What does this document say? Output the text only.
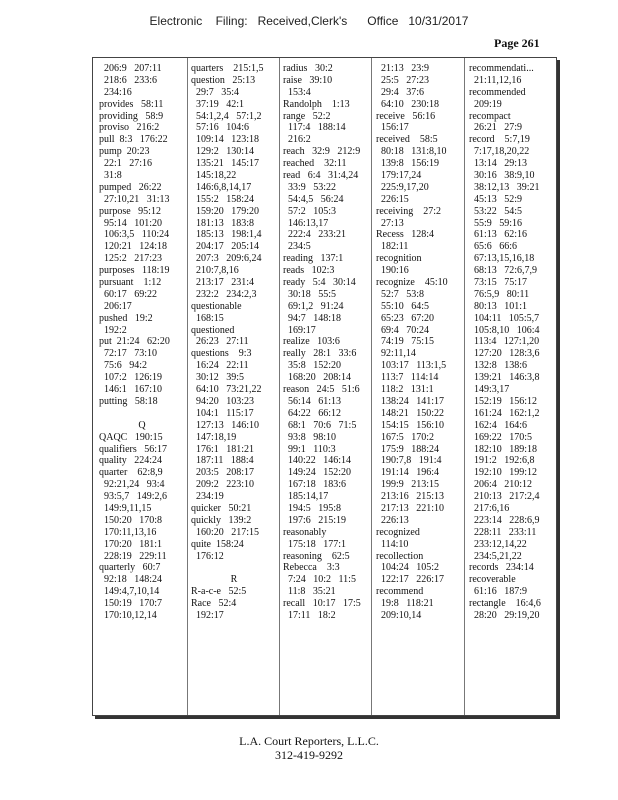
Electronic    Filing:   Received,Clerk's      Office   10/31/2017
Page 261
206:9   207:11
218:6   233:6
234:16
provides   58:11
providing   58:9
proviso   216:2
pull  8:3   176:22
pump  20:23
22:1   27:16
31:8
pumped   26:22
27:10,21   31:13
purpose   95:12
95:14   101:20
106:3,5   110:24
120:21   124:18
125:2   217:23
purposes   118:19
pursuant    1:12
60:17   69:22
206:17
pushed   19:2
192:2
put  21:24   62:20
72:17   73:10
75:6   94:2
107:2   126:19
146:1   167:10
putting   58:18
Q
QAQC   190:15
qualifiers   56:17
quality   224:24
quarter    62:8,9
92:21,24   93:4
93:5,7   149:2,6
149:9,11,15
150:20   170:8
170:11,13,16
170:20   181:1
228:19   229:11
quarterly   60:7
92:18   148:24
149:4,7,10,14
150:19   170:7
170:10,12,14
quarters    215:1,5
question   25:13
29:7   35:4
37:19   42:1
54:1,2,4   57:1,2
57:16   104:6
109:14   123:18
129:2   130:14
135:21   145:17
145:18,22
146:6,8,14,17
155:2   158:24
159:20   179:20
181:13   183:8
185:13   198:1,4
204:17   205:14
207:3   209:6,24
210:7,8,16
213:17   231:4
232:2   234:2,3
questionable
168:15
questioned
26:23   27:11
questions    9:3
16:24   22:11
30:12   39:5
64:10   73:21,22
94:20   103:23
104:1   115:17
127:13   146:10
147:18,19
176:1   181:21
187:11   188:4
203:5   208:17
209:2   223:10
234:19
quicker   50:21
quickly   139:2
160:20   217:15
quite  158:24
176:12
R
R-a-c-e   52:5
Race   52:4
192:17
radius   30:2
raise   39:10
153:4
Randolph    1:13
range   52:2
117:4   188:14
216:2
reach   32:9   212:9
reached    32:11
read   6:4   31:4,24
33:9   53:22
54:4,5   56:24
57:2   105:3
146:13,17
222:4   233:21
234:5
reading   137:1
reads   102:3
ready   5:4   30:14
30:18   55:5
69:1,2   91:24
94:7   148:18
169:17
realize   103:6
really   28:1   33:6
35:8   152:20
168:20   208:14
reason   24:5   51:6
56:14   61:13
64:22   66:12
68:1   70:6   71:5
93:8   98:10
99:1   110:3
140:22   146:14
149:24   152:20
167:18   183:6
185:14,17
194:5   195:8
197:6   215:19
reasonably
175:18   177:1
reasoning    62:5
Rebecca    3:3
7:24   10:2   11:5
11:8   35:21
recall   10:17   17:5
17:11   18:2
21:13   23:9
25:5   27:23
29:4   37:6
64:10   230:18
receive   56:16
156:17
received    58:5
80:18   131:8,10
139:8   156:19
179:17,24
225:9,17,20
226:15
receiving    27:2
27:13
Recess   128:4
182:11
recognition
190:16
recognize    45:10
52:7   53:8
55:10   64:5
65:23   67:20
69:4   70:24
74:19   75:15
92:11,14
103:17   113:1,5
113:7   114:14
118:2   131:1
138:24   141:17
148:21   150:22
154:15   156:10
167:5   170:2
175:9   188:24
190:7,8   191:4
191:14   196:4
199:9   213:15
213:16   215:13
217:13   221:10
226:13
recognized
114:10
recollection
104:24   105:2
122:17   226:17
recommend
19:8   118:21
209:10,14
recommendati...
21:11,12,16
recommended
209:19
recompact
26:21   27:9
record    5:7,19
7:17,18,20,22
13:14   29:13
30:16   38:9,10
38:12,13   39:21
45:13   52:9
53:22   54:5
55:9   59:16
61:13   62:16
65:6   66:6
67:13,15,16,18
68:13   72:6,7,9
73:15   75:17
76:5,9   80:11
80:13   101:1
104:11   105:5,7
105:8,10   106:4
113:4   127:1,20
127:20   128:3,6
132:8   138:6
139:21   146:3,8
149:3,17
152:19   156:12
161:24   162:1,2
162:4   164:6
169:22   170:5
182:10   189:18
191:2   192:6,8
192:10   199:12
206:4   210:12
210:13   217:2,4
217:6,16
223:14   228:6,9
228:11   233:11
233:12,14,22
234:5,21,22
records   234:14
recoverable
61:16   187:9
rectangle    16:4,6
28:20   29:19,20
L.A. Court Reporters, L.L.C.
312-419-9292
